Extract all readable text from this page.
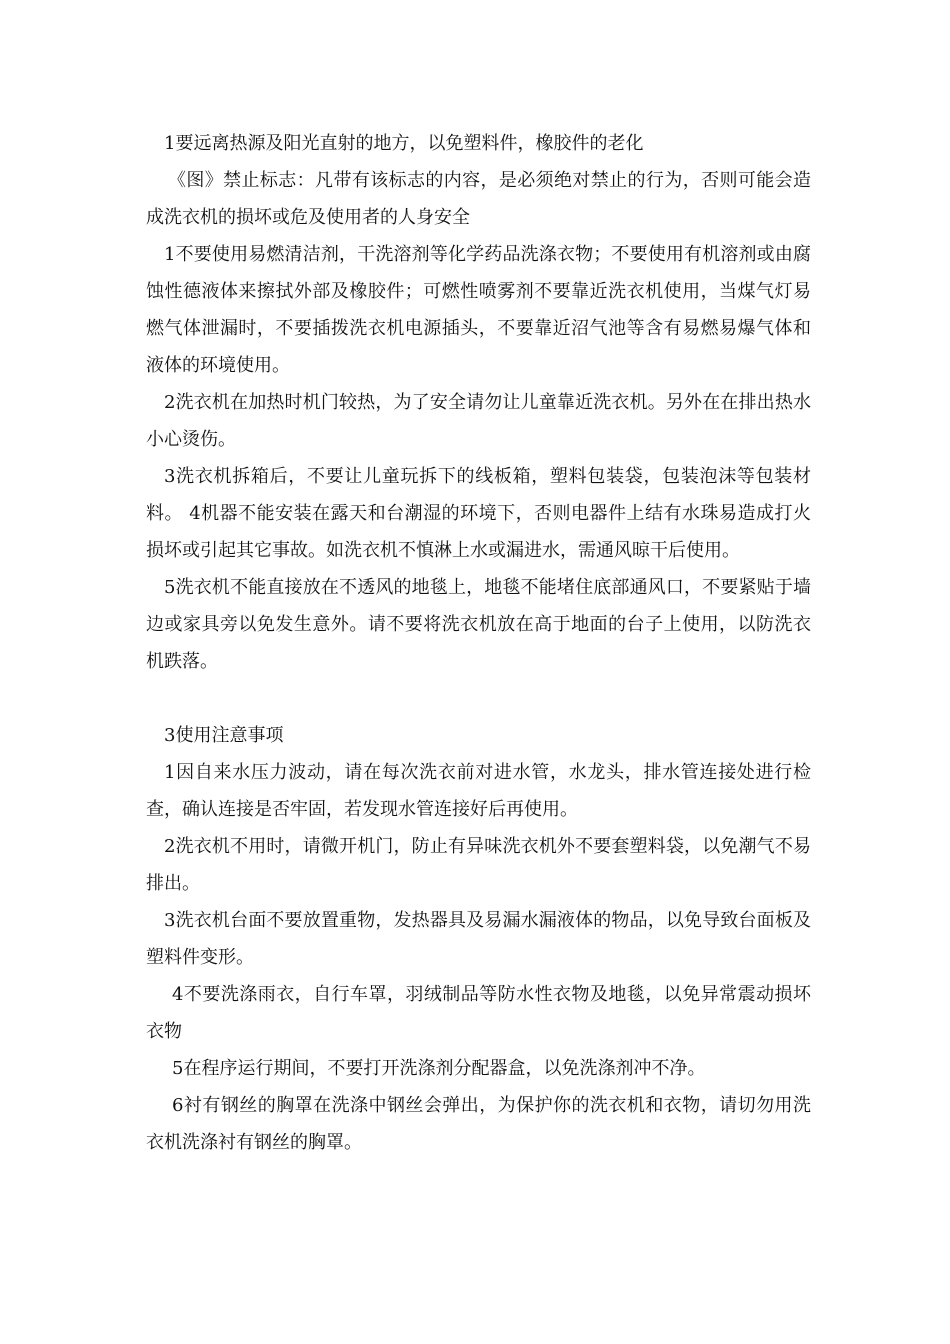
1要远离热源及阳光直射的地方，以免塑料件，橡胶件的老化

《图》禁止标志：凡带有该标志的内容，是必须绝对禁止的行为，否则可能会造成洗衣机的损坏或危及使用者的人身安全

1不要使用易燃清洁剂，干洗溶剂等化学药品洗涤衣物；不要使用有机溶剂或由腐蚀性德液体来擦拭外部及橡胶件；可燃性喷雾剂不要靠近洗衣机使用，当煤气灯易燃气体泄漏时，不要插拨洗衣机电源插头，不要靠近沼气池等含有易燃易爆气体和液体的环境使用。

2洗衣机在加热时机门较热，为了安全请勿让儿童靠近洗衣机。另外在在排出热水小心烫伤。

3洗衣机拆箱后，不要让儿童玩拆下的线板箱，塑料包装袋，包装泡沫等包装材料。 4机器不能安装在露天和台潮湿的环境下，否则电器件上结有水珠易造成打火损坏或引起其它事故。如洗衣机不慎淋上水或漏进水，需通风晾干后使用。

5洗衣机不能直接放在不透风的地毯上，地毯不能堵住底部通风口，不要紧贴于墙边或家具旁以免发生意外。请不要将洗衣机放在高于地面的台子上使用，以防洗衣机跌落。

3使用注意事项

1因自来水压力波动，请在每次洗衣前对进水管，水龙头，排水管连接处进行检查，确认连接是否牢固，若发现水管连接好后再使用。

2洗衣机不用时，请微开机门，防止有异味洗衣机外不要套塑料袋，以免潮气不易排出。

3洗衣机台面不要放置重物，发热器具及易漏水漏液体的物品，以免导致台面板及塑料件变形。

4不要洗涤雨衣，自行车罩，羽绒制品等防水性衣物及地毯，以免异常震动损坏衣物

5在程序运行期间，不要打开洗涤剂分配器盒，以免洗涤剂冲不净。

6衬有钢丝的胸罩在洗涤中钢丝会弹出，为保护你的洗衣机和衣物，请切勿用洗衣机洗涤衬有钢丝的胸罩。
